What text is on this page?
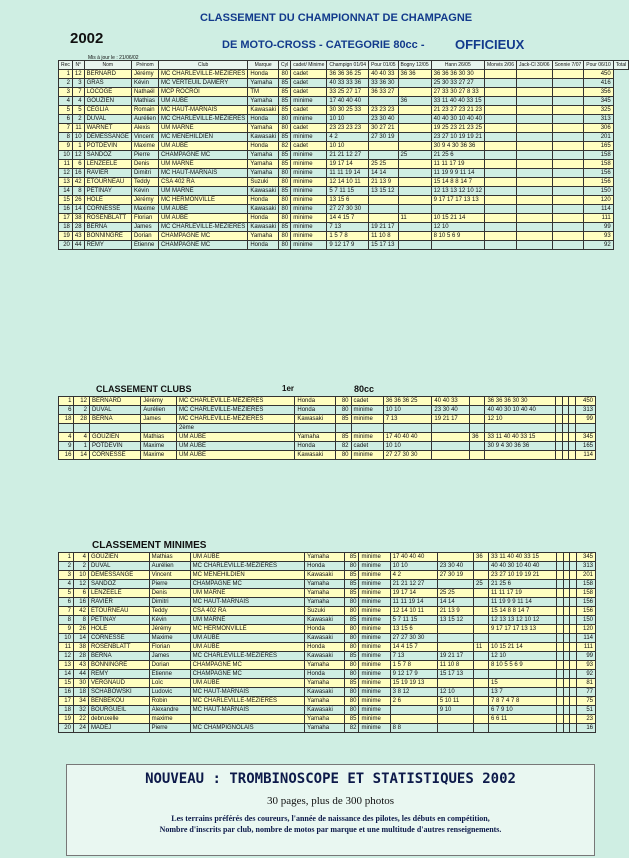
2002
CLASSEMENT DU CHAMPIONNAT DE CHAMPAGNE
DE MOTO-CROSS - CATEGORIE 80cc - OFFICIEUX
Mis à jour le : 21/06/02
Rec	N°	Nom	Prénom	Club	Marque	Cyl	cadet/ Minime	Champign 01/04	Pour 01/05	Bogny 12/05	Hann 26/05	Monvis 2/06	Jack-Cl 30/06	Sonnie 7/07	Pour 06/10	Total
1	12	BERNARD	Jérémy	MC CHARLEVILLE-MEZIERES	Honda	80	cadet	36 36 36 25	40 40 33	36 36	36 36 36 30 30				450	
2	3	GRAS	Kévin	MC VERTEUIL DAMERY	Yamaha	85	cadet	40 33 33 36	33 36 30		25 30 33 27 27				416	
3	7	LOCOGE	Nathaël	MCP ROCROI	TM	85	cadet	33 25 27 17	36 33 27		27 33 30 27 8 33				356	
4	4	GOUZIEN	Mathias	UM AUBE	Yamaha	85	minime	17 40 40 40		36	33 11 40 40 33 15				345	
5	5	CEGLIA	Romain	MC HAUT-MARNAIS	Kawasaki	85	cadet	30 30 25 33	23 23 23		21 23 27 23 21 23				325	
6	2	DUVAL	Aurélien	MC CHARLEVILLE-MEZIERES	Honda	80	minime	10 10	23 30 40		40 40 30 10 40 40				313	
7	11	WARNET	Alexis	UM MARNE	Yamaha	80	cadet	23 23 23 23	30 27 21		19 25 23 21 23 25				306	
8	10	DEMESSANGE	Vincent	MC MENEHILDIEN	Kawasaki	85	minime	4 2	27 30 19		23 27 10 19 19 21				201	
9	1	POTDEVIN	Maxime	UM AUBE	Honda	82	cadet	10 10			30 9 4 30 36 36				165	
10	12	SANDOZ	Pierre	CHAMPAGNE MC	Yamaha	85	minime	21 21 12 27		25	21 25 6				158	
11	6	LENZEELE	Denis	UM MARNE	Yamaha	85	minime	19 17 14	25 25		11 11 17 19				158	
12	16	RAVIER	Dimitri	MC HAUT-MARNAIS	Yamaha	80	minime	11 11 19 14	14 14		11 19 9 9 11 14				156	
13	42	ETOURNEAU	Teddy	CSA 402 RA	Suzuki	80	minime	12 14 10 11	21 13 9		15 14 8 8 14 7				156	
14	8	PETINAY	Kévin	UM MARNE	Kawasaki	85	minime	5 7 11 15	13 15 12		12 13 13 12 10 12				150	
15	26	HOLE	Jérémy	MC HERMONVILLE	Honda	80	minime	13 15 6			9 17 17 17 13 13				120	
16	14	CORNESSE	Maxime	UM AUBE	Kawasaki	80	minime	27 27 30 30							114	
17	38	ROSENBLATT	Florian	UM AUBE	Honda	80	minime	14 4 15 7		11	10 15 21 14				111	
18	28	BERNA	James	MC CHARLEVILLE-MEZIERES	Kawasaki	85	minime	7 13	19 21 17		12 10				99	
19	43	BONNINGRE	Dorian	CHAMPAGNE MC	Yamaha	80	minime	1 5 7 8	11 10 8		8 10 5 6 9				93	
20	44	REMY	Etienne	CHAMPAGNE MC	Honda	80	minime	9 12 17 9	15 17 13						92	
CLASSEMENT CLUBS	1er	80cc
1	12	BERNARD	Jérémy	MC CHARLEVILLE-MEZIERES	Honda	80	cadet	36 36 36 25	40 40 33		36 36 36 30 30				450
6	2	DUVAL	Aurélien	MC CHARLEVILLE-MEZIERES	Honda	80	minime	10 10	23 30 40		40 40 30 10 40 40				313
18	28	BERNA	James	MC CHARLEVILLE-MEZIERES	Kawasaki	85	minime	7 13	19 21 17		12 10				99
				2ème											
4	4	GOUZIEN	Mathias	UM AUBE	Yamaha	85	minime	17 40 40 40		36	33 11 40 40 33 15				345
9	1	POTDEVIN	Maxime	UM AUBE	Honda	82	cadet	10 10			30 9 4 30 36 36				165
16	14	CORNESSE	Maxime	UM AUBE	Kawasaki	80	minime	27 27 30 30							114
CLASSEMENT MINIMES
1	4	GOUZIEN	Mathias	UM AUBE	Yamaha	85	minime	17 40 40 40		36	33 11 40 40 33 15				345
2	2	DUVAL	Aurélien	MC CHARLEVILLE-MEZIERES	Honda	80	minime	10 10	23 30 40		40 40 30 10 40 40				313
3	10	DEMESSANGE	Vincent	MC MENEHILDIEN	Kawasaki	85	minime	4 2	27 30 19		23 27 10 19 19 21				201
4	12	SANDOZ	Pierre	CHAMPAGNE MC	Yamaha	85	minime	21 21 12 27		25	21 25 6				158
5	6	LENZEELE	Denis	UM MARNE	Yamaha	85	minime	19 17 14	25 25		11 11 17 19				158
6	16	RAVIER	Dimitri	MC HAUT-MARNAIS	Yamaha	80	minime	11 11 19 14	14 14		11 19 9 9 11 14				156
7	42	ETOURNEAU	Teddy	CSA 402 RA	Suzuki	80	minime	12 14 10 11	21 13 9		15 14 8 8 14 7				156
8	8	PETINAY	Kévin	UM MARNE	Kawasaki	85	minime	5 7 11 15	13 15 12		12 13 13 12 10 12				150
9	26	HOLE	Jérémy	MC HERMONVILLE	Honda	80	minime	13 15 6			9 17 17 17 13 13				120
10	14	CORNESSE	Maxime	UM AUBE	Kawasaki	80	minime	27 27 30 30							114
11	38	ROSENBLATT	Florian	UM AUBE	Honda	80	minime	14 4 15 7		11	10 15 21 14				111
12	28	BERNA	James	MC CHARLEVILLE-MEZIERES	Kawasaki	85	minime	7 13	19 21 17		12 10				99
13	43	BONNINGRE	Dorian	CHAMPAGNE MC	Yamaha	80	minime	1 5 7 8	11 10 8		8 10 5 5 6 9				93
14	44	REMY	Etienne	CHAMPAGNE MC	Honda	80	minime	9 12 17 9	15 17 13						92
15	30	VERGNAUD	Loïc	UM AUBE	Yamaha	85	minime	15 19 19 13			15				81
16	18	SCHABOWSKI	Ludovic	MC HAUT-MARNAIS	Kawasaki	80	minime	3 8 12	12 10		13 7				77
17	34	BENBEKOU	Robin	MC CHARLEVILLE-MEZIERES	Yamaha	80	minime	2 6	5 10 11		7 8 7 4 7 8				75
18	32	BOURGUEIL	Alexandre	MC HAUT-MARNAIS	Kawasaki	80	minime		9 10		6 7 9 10				51
19	22	debruxelle	maxime		Yamaha	85	minime				6 6 11				23
20	24	MADEJ	Pierre	MC CHAMPIGNOLAIS	Yamaha	82	minime	8 8							16
NOUVEAU : TROMBINOSCOPE ET STATISTIQUES 2002
30 pages, plus de 300 photos
Les terrains préférés des coureurs, l'année de naissance des pilotes, les débuts en compétition,
Nombre d'inscrits par club, nombre de motos par marque et une multitude d'autres renseignements.
